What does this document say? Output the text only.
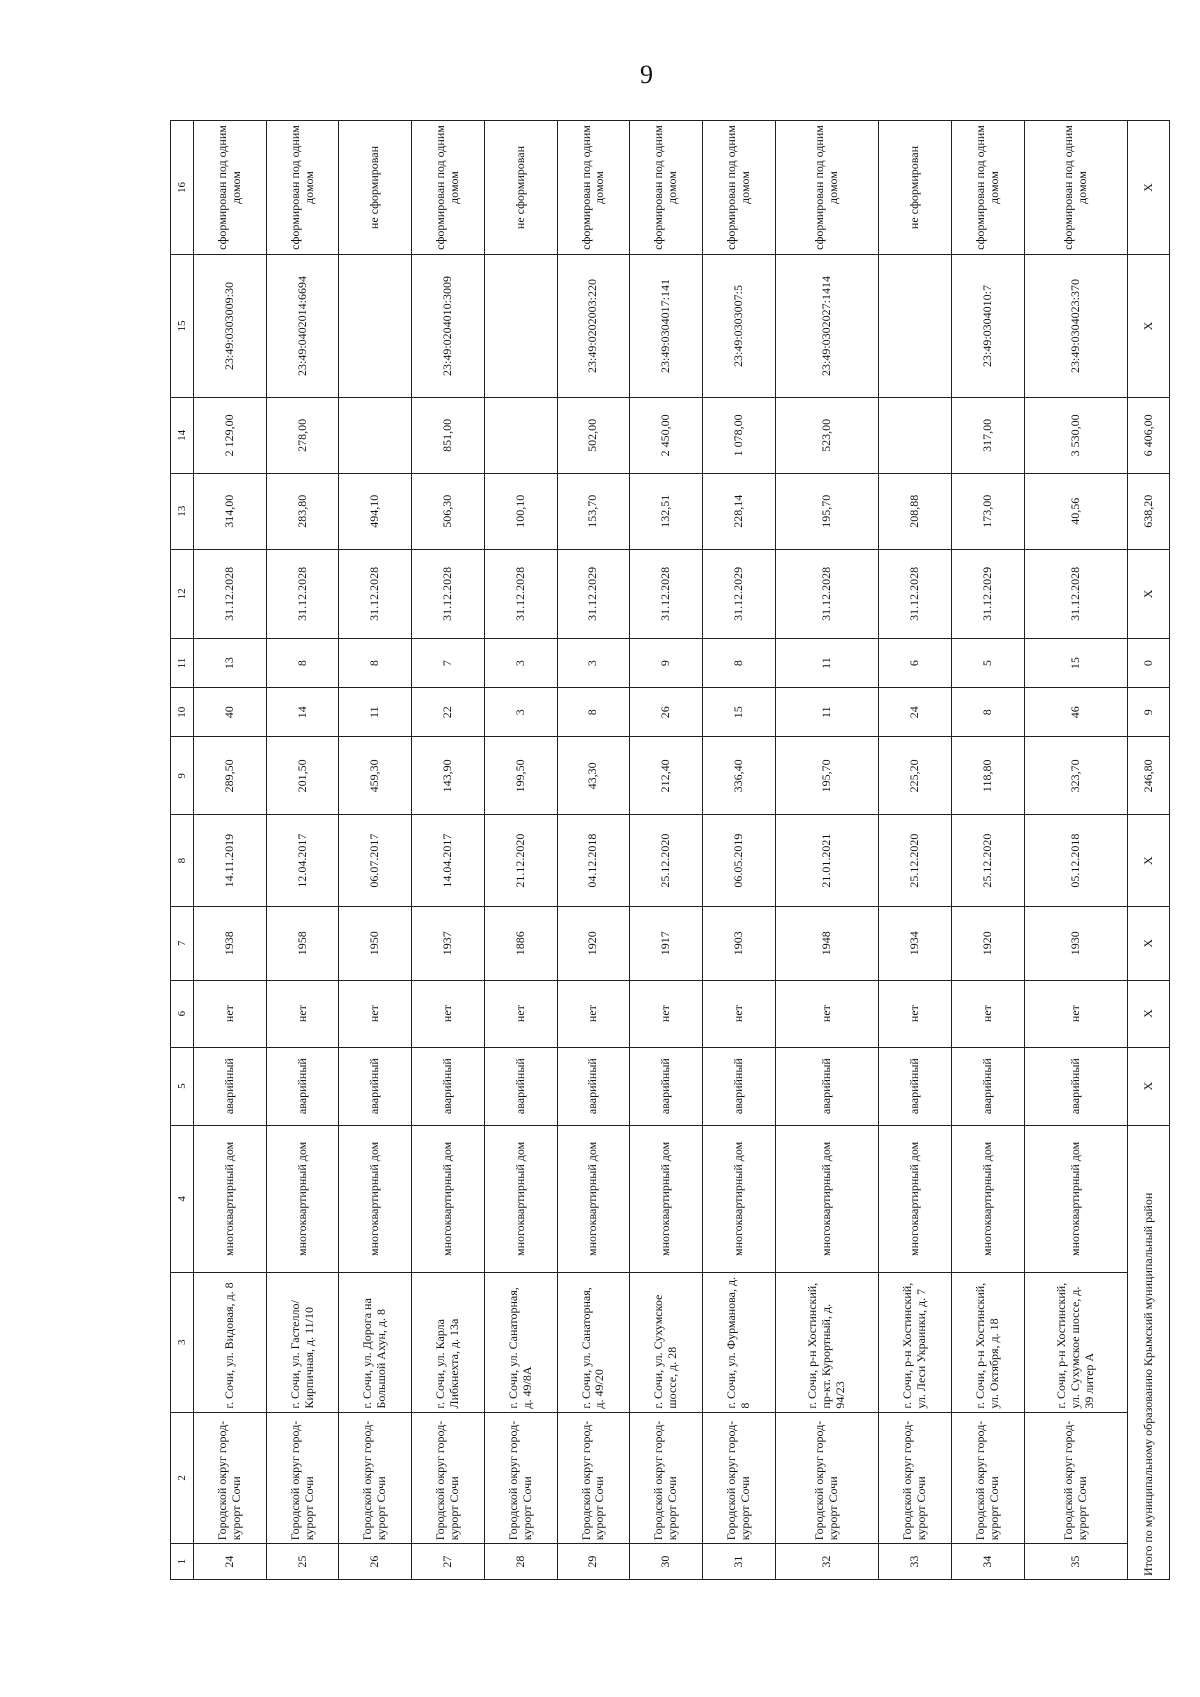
9
1	2	3	4	5	6	7	8	9	10	11	12	13	14	15	16
24	Городской округ город-курорт Сочи	г. Сочи, ул. Видовая, д. 8	многоквартирный дом	аварийный	нет	1938	14.11.2019	289,50	40	13	31.12.2028	314,00	2 129,00	23:49:0303009:30	сформирован под одним домом
25	Городской округ город-курорт Сочи	г. Сочи, ул. Гастелло/ Кирпичная, д. 11/10	многоквартирный дом	аварийный	нет	1958	12.04.2017	201,50	14	8	31.12.2028	283,80	278,00	23:49:0402014:6694	сформирован под одним домом
26	Городской округ город-курорт Сочи	г. Сочи, ул. Дорога на Большой Ахун, д. 8	многоквартирный дом	аварийный	нет	1950	06.07.2017	459,30	11	8	31.12.2028	494,10			не сформирован
27	Городской округ город-курорт Сочи	г. Сочи, ул. Карла Либкнехта, д. 13а	многоквартирный дом	аварийный	нет	1937	14.04.2017	143,90	22	7	31.12.2028	506,30	851,00	23:49:0204010:3009	сформирован под одним домом
28	Городской округ город-курорт Сочи	г. Сочи, ул. Санаторная, д. 49/8А	многоквартирный дом	аварийный	нет	1886	21.12.2020	199,50	3	3	31.12.2028	100,10			не сформирован
29	Городской округ город-курорт Сочи	г. Сочи, ул. Санаторная, д. 49/20	многоквартирный дом	аварийный	нет	1920	04.12.2018	43,30	8	3	31.12.2029	153,70	502,00	23:49:0202003:220	сформирован под одним домом
30	Городской округ город-курорт Сочи	г. Сочи, ул. Сухумское шоссе, д. 28	многоквартирный дом	аварийный	нет	1917	25.12.2020	212,40	26	9	31.12.2028	132,51	2 450,00	23:49:0304017:141	сформирован под одним домом
31	Городской округ город-курорт Сочи	г. Сочи, ул. Фурманова, д. 8	многоквартирный дом	аварийный	нет	1903	06.05.2019	336,40	15	8	31.12.2029	228,14	1 078,00	23:49:0303007:5	сформирован под одним домом
32	Городской округ город-курорт Сочи	г. Сочи, р-н Хостинский, пр-кт. Курортный, д. 94/23	многоквартирный дом	аварийный	нет	1948	21.01.2021	195,70	11	11	31.12.2028	195,70	523,00	23:49:0302027:1414	сформирован под одним домом
33	Городской округ город-курорт Сочи	г. Сочи, р-н Хостинский, ул. Леси Украинки, д. 7	многоквартирный дом	аварийный	нет	1934	25.12.2020	225,20	24	6	31.12.2028	208,88			не сформирован
34	Городской округ город-курорт Сочи	г. Сочи, р-н Хостинский, ул. Октября, д. 18	многоквартирный дом	аварийный	нет	1920	25.12.2020	118,80	8	5	31.12.2029	173,00	317,00	23:49:0304010:7	сформирован под одним домом
35	Городской округ город-курорт Сочи	г. Сочи, р-н Хостинский, ул. Сухумское шоссе, д. 39 литер А	многоквартирный дом	аварийный	нет	1930	05.12.2018	323,70	46	15	31.12.2028	40,56	3 530,00	23:49:0304023:370	сформирован под одним домом
Итого по муниципальному образованию Крымский муниципальный район				X	X	X	X	246,80	9	0	X	638,20	6 406,00	X	X
